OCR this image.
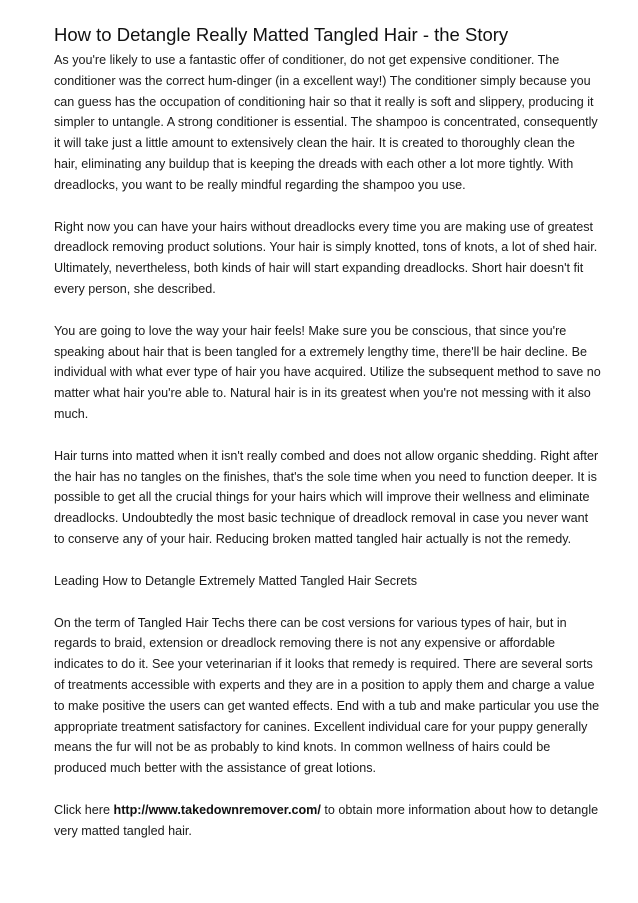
How to Detangle Really Matted Tangled Hair - the Story

As you're likely to use a fantastic offer of conditioner, do not get expensive conditioner. The conditioner was the correct hum-dinger (in a excellent way!) The conditioner simply because you can guess has the occupation of conditioning hair so that it really is soft and slippery, producing it simpler to untangle. A strong conditioner is essential. The shampoo is concentrated, consequently it will take just a little amount to extensively clean the hair. It is created to thoroughly clean the hair, eliminating any buildup that is keeping the dreads with each other a lot more tightly. With dreadlocks, you want to be really mindful regarding the shampoo you use.

Right now you can have your hairs without dreadlocks every time you are making use of greatest dreadlock removing product solutions. Your hair is simply knotted, tons of knots, a lot of shed hair. Ultimately, nevertheless, both kinds of hair will start expanding dreadlocks. Short hair doesn't fit every person, she described.

You are going to love the way your hair feels! Make sure you be conscious, that since you're speaking about hair that is been tangled for a extremely lengthy time, there'll be hair decline. Be individual with what ever type of hair you have acquired. Utilize the subsequent method to save no matter what hair you're able to. Natural hair is in its greatest when you're not messing with it also much.

Hair turns into matted when it isn't really combed and does not allow organic shedding. Right after the hair has no tangles on the finishes, that's the sole time when you need to function deeper. It is possible to get all the crucial things for your hairs which will improve their wellness and eliminate dreadlocks. Undoubtedly the most basic technique of dreadlock removal in case you never want to conserve any of your hair. Reducing broken matted tangled hair actually is not the remedy.

Leading How to Detangle Extremely Matted Tangled Hair Secrets

On the term of Tangled Hair Techs there can be cost versions for various types of hair, but in regards to braid, extension or dreadlock removing there is not any expensive or affordable indicates to do it. See your veterinarian if it looks that remedy is required. There are several sorts of treatments accessible with experts and they are in a position to apply them and charge a value to make positive the users can get wanted effects. End with a tub and make particular you use the appropriate treatment satisfactory for canines. Excellent individual care for your puppy generally means the fur will not be as probably to kind knots. In common wellness of hairs could be produced much better with the assistance of great lotions.

Click here http://www.takedownremover.com/ to obtain more information about how to detangle very matted tangled hair.
